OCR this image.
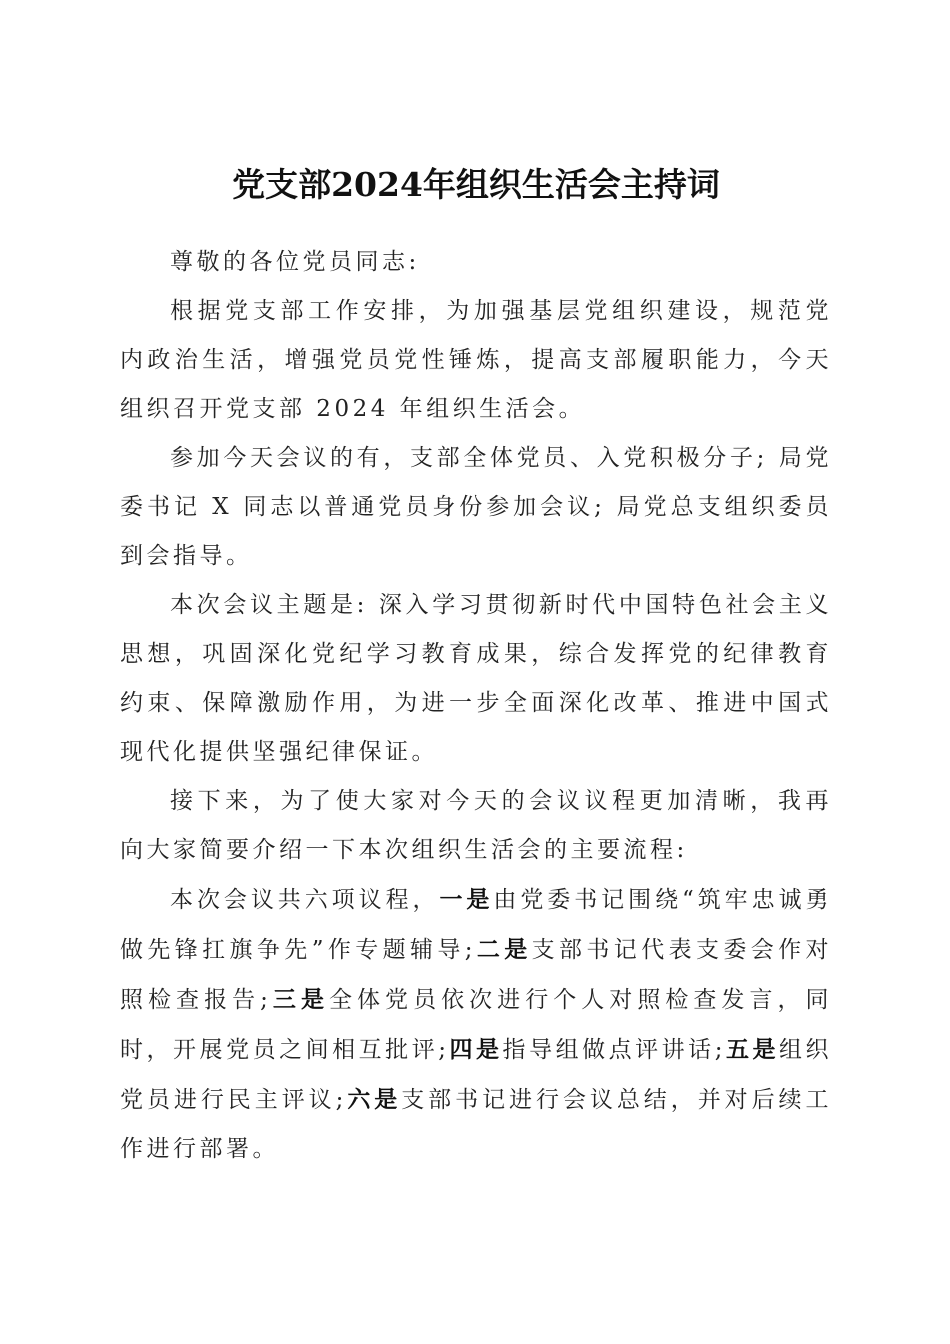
党支部2024年组织生活会主持词

尊敬的各位党员同志:

根据党支部工作安排，为加强基层党组织建设，规范党内政治生活，增强党员党性锤炼，提高支部履职能力，今天组织召开党支部 2024 年组织生活会。

参加今天会议的有，支部全体党员、入党积极分子; 局党委书记 X 同志以普通党员身份参加会议; 局党总支组织委员到会指导。

本次会议主题是: 深入学习贯彻新时代中国特色社会主义思想，巩固深化党纪学习教育成果，综合发挥党的纪律教育约束、保障激励作用，为进一步全面深化改革、推进中国式现代化提供坚强纪律保证。

接下来，为了使大家对今天的会议议程更加清晰，我再向大家简要介绍一下本次组织生活会的主要流程:

本次会议共六项议程，一是由党委书记围绕“筑牢忠诚勇做先锋扛旗争先”作专题辅导;二是支部书记代表支委会作对照检查报告;三是全体党员依次进行个人对照检查发言，同时，开展党员之间相互批评;四是指导组做点评讲话;五是组织党员进行民主评议;六是支部书记进行会议总结，并对后续工作进行部署。
